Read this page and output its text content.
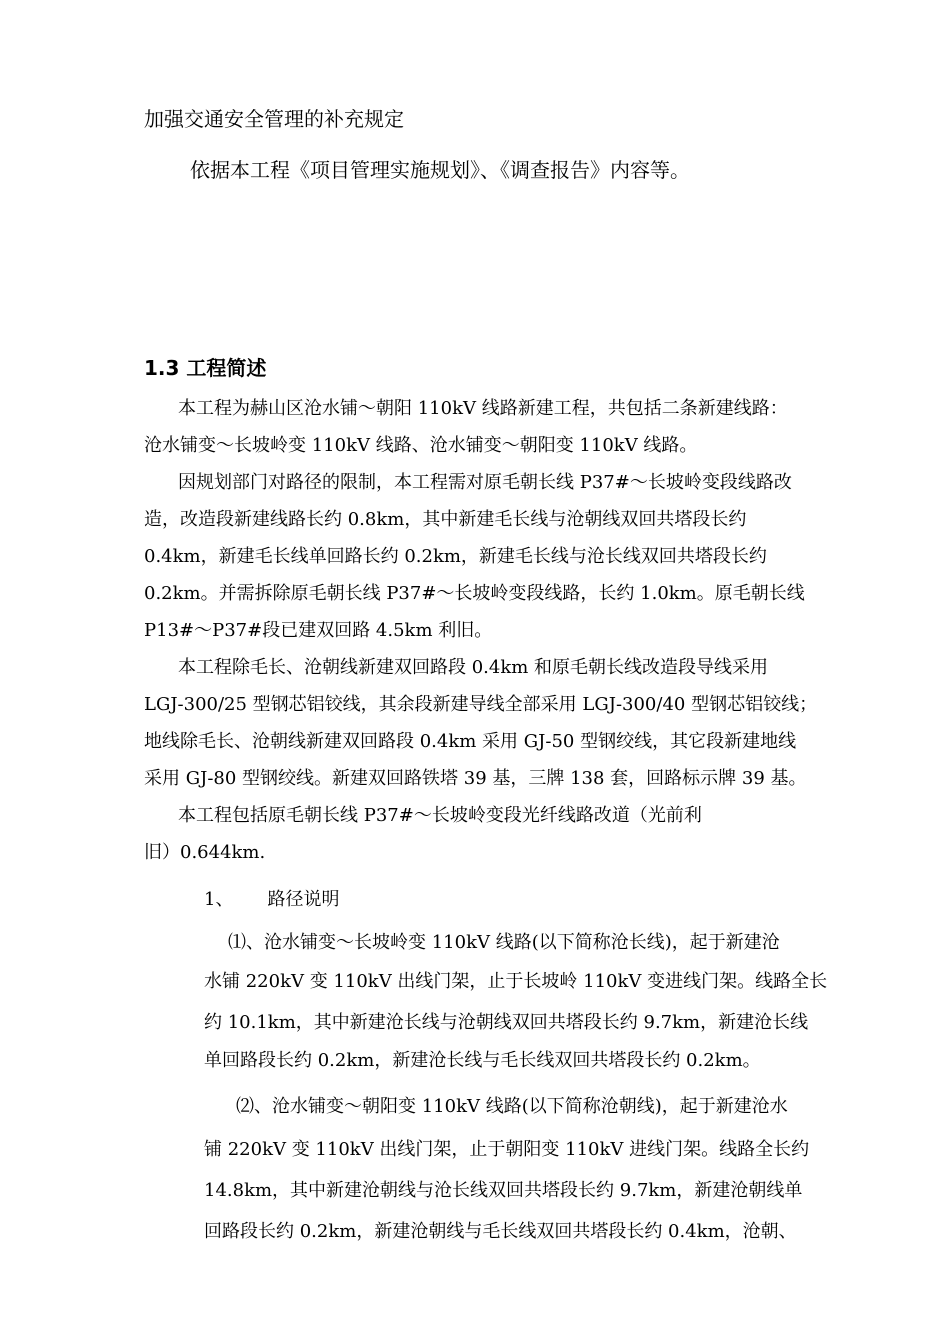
加强交通安全管理的补充规定
依据本工程《项目管理实施规划》、《调查报告》内容等。
1.3 工程简述
本工程为赫山区沧水铺～朝阳 110kV 线路新建工程，共包括二条新建线路：
沧水铺变～长坡岭变 110kV 线路、沧水铺变～朝阳变 110kV 线路。
因规划部门对路径的限制，本工程需对原毛朝长线 P37#～长坡岭变段线路改
造，改造段新建线路长约 0.8km，其中新建毛长线与沧朝线双回共塔段长约
0.4km，新建毛长线单回路长约 0.2km，新建毛长线与沧长线双回共塔段长约
0.2km。并需拆除原毛朝长线 P37#～长坡岭变段线路，长约 1.0km。原毛朝长线
P13#～P37#段已建双回路 4.5km 利旧。
本工程除毛长、沧朝线新建双回路段 0.4km 和原毛朝长线改造段导线采用
LGJ-300/25 型钢芯铝铰线，其余段新建导线全部采用 LGJ-300/40 型钢芯铝铰线；
地线除毛长、沧朝线新建双回路段 0.4km 采用 GJ-50 型钢绞线，其它段新建地线
采用 GJ-80 型钢绞线。新建双回路铁塔 39 基，三牌 138 套，回路标示牌 39 基。
本工程包括原毛朝长线 P37#～长坡岭变段光纤线路改道（光前利
旧）0.644km.
1、 路径说明
⑴、沧水铺变～长坡岭变 110kV 线路(以下简称沧长线)，起于新建沧
水铺 220kV 变 110kV 出线门架，止于长坡岭 110kV 变进线门架。线路全长
约 10.1km，其中新建沧长线与沧朝线双回共塔段长约 9.7km，新建沧长线
单回路段长约 0.2km，新建沧长线与毛长线双回共塔段长约 0.2km。
⑵、沧水铺变～朝阳变 110kV 线路(以下简称沧朝线)，起于新建沧水
铺 220kV 变 110kV 出线门架，止于朝阳变 110kV 进线门架。线路全长约
14.8km，其中新建沧朝线与沧长线双回共塔段长约 9.7km，新建沧朝线单
回路段长约 0.2km，新建沧朝线与毛长线双回共塔段长约 0.4km，沧朝、
